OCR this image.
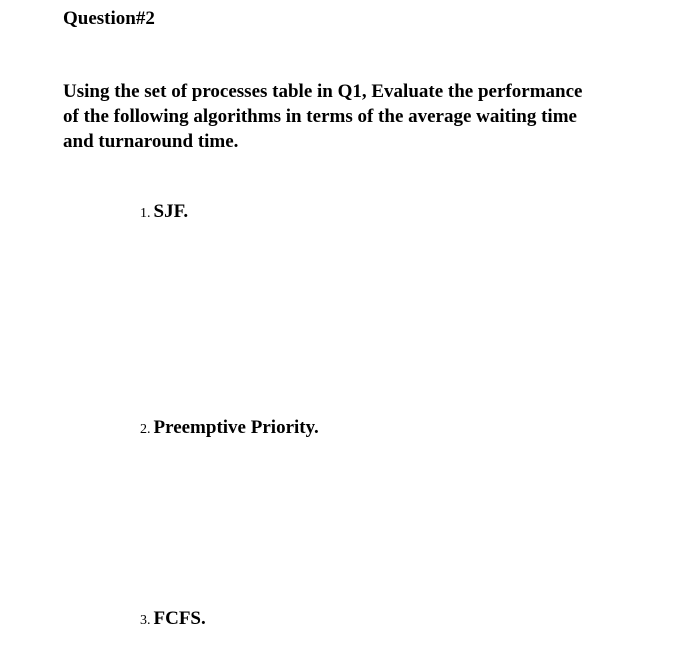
Question#2
Using the set of processes table in Q1, Evaluate the performance
of the following algorithms in terms of the average waiting time
and turnaround time.
1. SJF.
2. Preemptive Priority.
3. FCFS.
